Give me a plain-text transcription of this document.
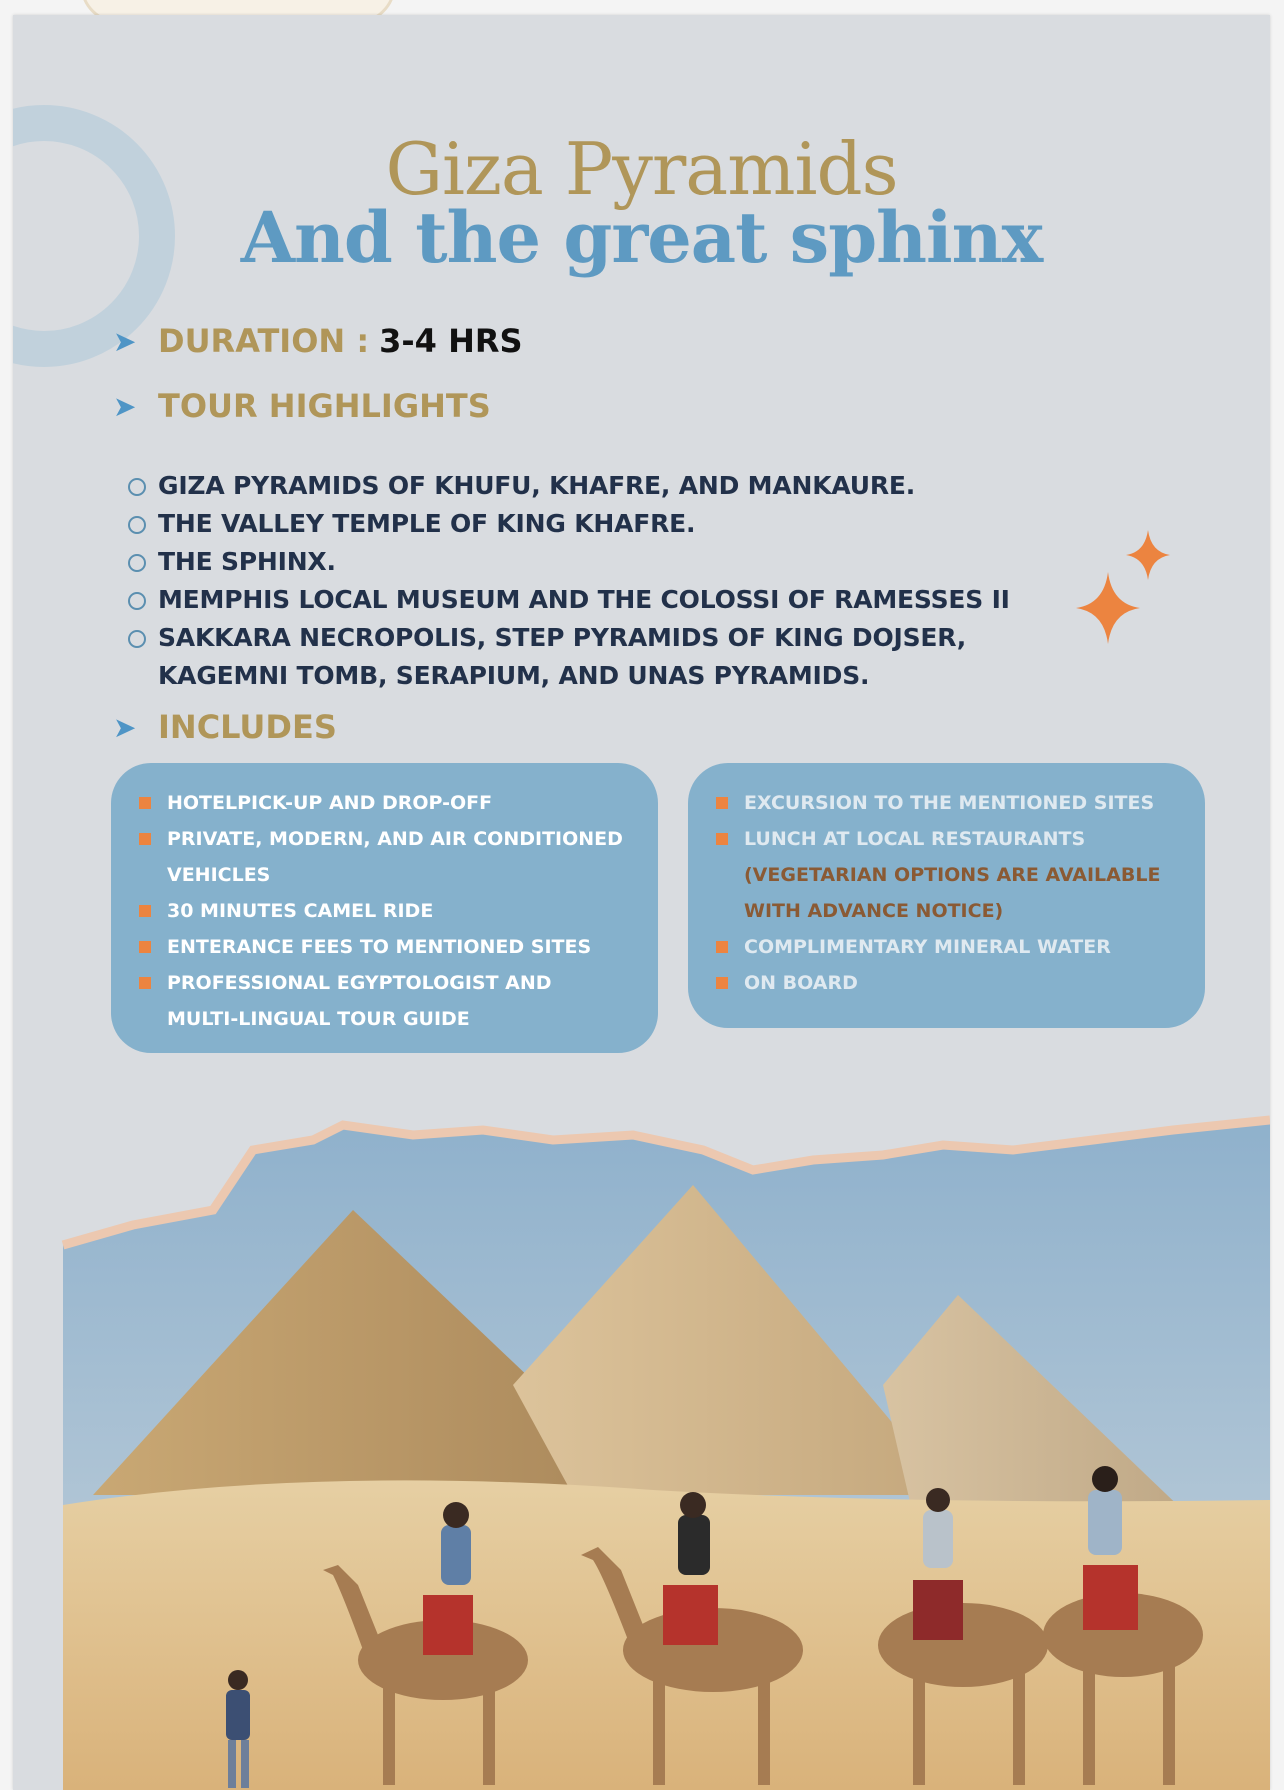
Giza Pyramids
And the great sphinx
➤ DURATION : 3-4 HRS
➤ TOUR HIGHLIGHTS
GIZA PYRAMIDS OF KHUFU, KHAFRE, AND MANKAURE.
THE VALLEY TEMPLE OF KING KHAFRE.
THE SPHINX.
MEMPHIS LOCAL MUSEUM AND THE COLOSSI OF RAMESSES II
SAKKARA NECROPOLIS, STEP PYRAMIDS OF KING DOJSER,
KAGEMNI TOMB, SERAPIUM, AND UNAS PYRAMIDS.
➤ INCLUDES
HOTELPICK-UP AND DROP-OFF
PRIVATE, MODERN, AND AIR CONDITIONED
VEHICLES
30 MINUTES CAMEL RIDE
ENTERANCE FEES TO MENTIONED SITES
PROFESSIONAL EGYPTOLOGIST AND
MULTI-LINGUAL TOUR GUIDE
EXCURSION TO THE MENTIONED SITES
LUNCH AT LOCAL RESTAURANTS
(VEGETARIAN OPTIONS ARE AVAILABLE
WITH ADVANCE NOTICE)
COMPLIMENTARY MINERAL WATER
ON BOARD
